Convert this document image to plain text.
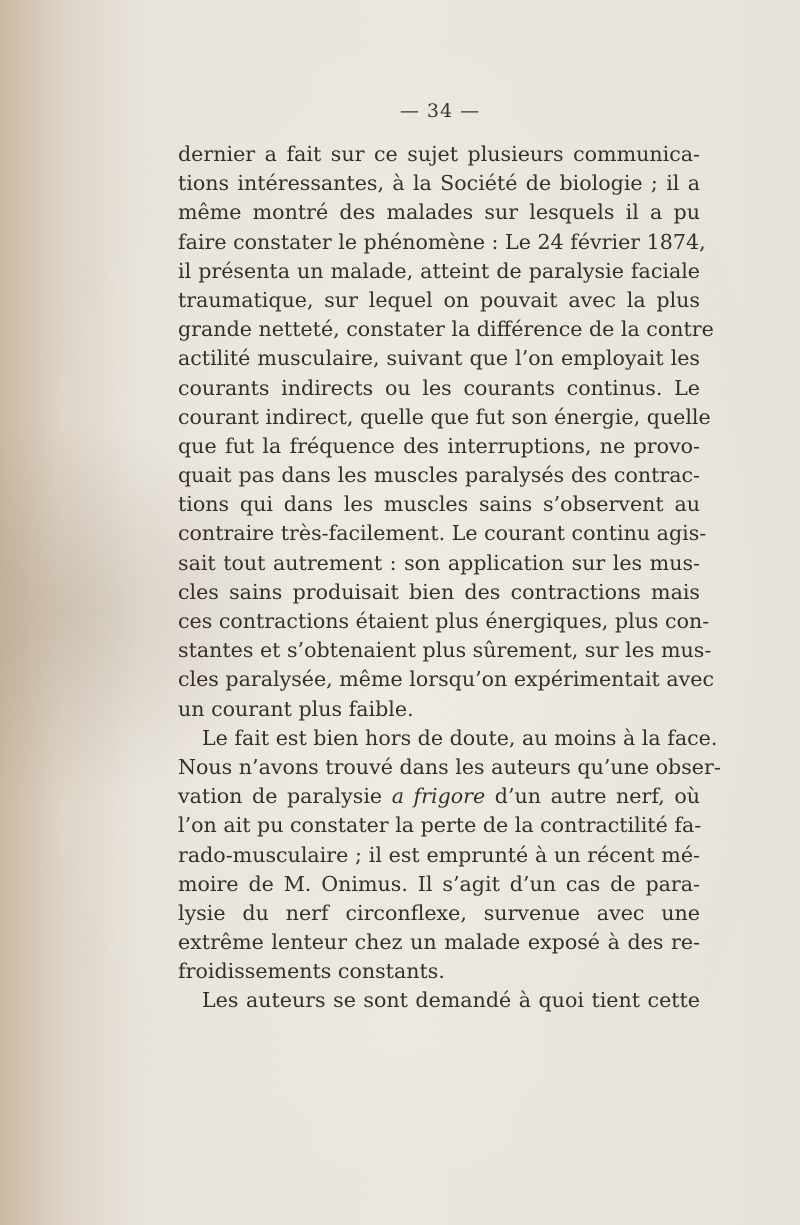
— 34 —
dernier a fait sur ce sujet plusieurs communica-
tions intéressantes, à la Société de biologie ; il a
même montré des malades sur lesquels il a pu
faire constater le phénomène : Le 24 février 1874,
il présenta un malade, atteint de paralysie faciale
traumatique, sur lequel on pouvait avec la plus
grande netteté, constater la différence de la contre
actilité musculaire, suivant que l’on employait les
courants indirects ou les courants continus. Le
courant indirect, quelle que fut son énergie, quelle
que fut la fréquence des interruptions, ne provo-
quait pas dans les muscles paralysés des contrac-
tions qui dans les muscles sains s’observent au
contraire très-facilement. Le courant continu agis-
sait tout autrement : son application sur les mus-
cles sains produisait bien des contractions mais
ces contractions étaient plus énergiques, plus con-
stantes et s’obtenaient plus sûrement, sur les mus-
cles paralysée, même lorsqu’on expérimentait avec
un courant plus faible.
Le fait est bien hors de doute, au moins à la face.
Nous n’avons trouvé dans les auteurs qu’une obser-
vation de paralysie a frigore d’un autre nerf, où
l’on ait pu constater la perte de la contractilité fa-
rado-musculaire ; il est emprunté à un récent mé-
moire de M. Onimus. Il s’agit d’un cas de para-
lysie du nerf circonflexe, survenue avec une
extrême lenteur chez un malade exposé à des re-
froidissements constants.
Les auteurs se sont demandé à quoi tient cette
